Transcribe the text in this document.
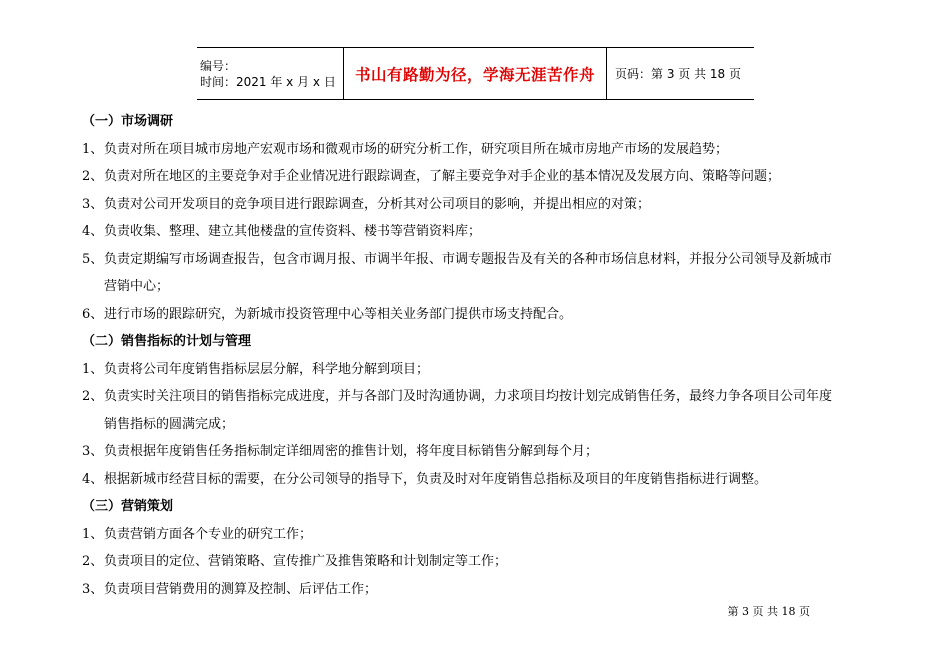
编号：
时间：2021 年 x 月 x 日	书山有路勤为径，学海无涯苦作舟 页码：第 3 页 共 18 页
（一）市场调研
1、 负责对所在项目城市房地产宏观市场和微观市场的研究分析工作，研究项目所在城市房地产市场的发展趋势；
2、 负责对所在地区的主要竞争对手企业情况进行跟踪调查，了解主要竞争对手企业的基本情况及发展方向、策略等问题；
3、 负责对公司开发项目的竞争项目进行跟踪调查，分析其对公司项目的影响，并提出相应的对策；
4、 负责收集、整理、建立其他楼盘的宣传资料、楼书等营销资料库；
5、 负责定期编写市场调查报告，包含市调月报、市调半年报、市调专题报告及有关的各种市场信息材料，并报分公司领导及新城市
营销中心；
6、 进行市场的跟踪研究，为新城市投资管理中心等相关业务部门提供市场支持配合。
（二）销售指标的计划与管理
1、 负责将公司年度销售指标层层分解，科学地分解到项目；
2、 负责实时关注项目的销售指标完成进度，并与各部门及时沟通协调，力求项目均按计划完成销售任务，最终力争各项目公司年度
销售指标的圆满完成；
3、 负责根据年度销售任务指标制定详细周密的推售计划，将年度目标销售分解到每个月；
4、 根据新城市经营目标的需要，在分公司领导的指导下，负责及时对年度销售总指标及项目的年度销售指标进行调整。
（三）营销策划
1、 负责营销方面各个专业的研究工作；
2、 负责项目的定位、营销策略、宣传推广及推售策略和计划制定等工作；
3、 负责项目营销费用的测算及控制、后评估工作；
第 3 页 共 18 页
